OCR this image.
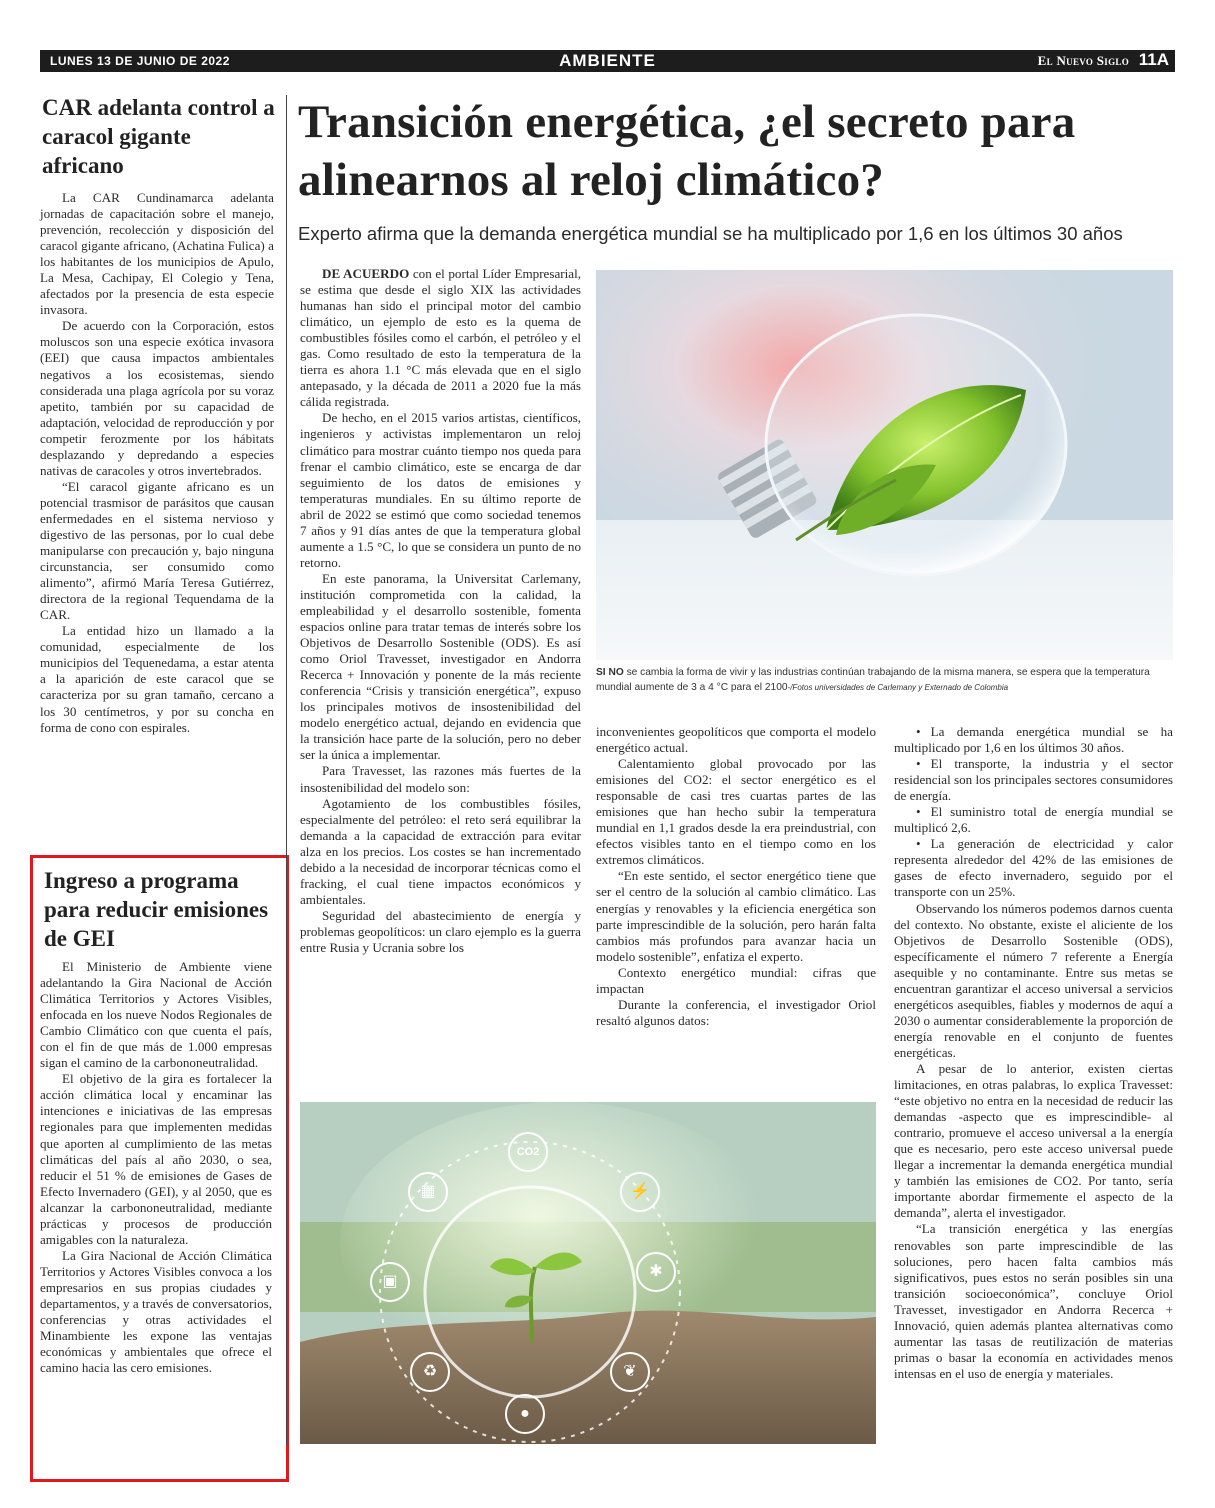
LUNES 13 DE JUNIO DE 2022	AMBIENTE	El Nuevo Siglo 11A
CAR adelanta control a caracol gigante africano

La CAR Cundinamarca adelanta jornadas de capacitación sobre el manejo, prevención, recolección y disposición del caracol gigante africano, (Achatina Fulica) a los habitantes de los municipios de Apulo, La Mesa, Cachipay, El Colegio y Tena, afectados por la presencia de esta especie invasora.

De acuerdo con la Corporación, estos moluscos son una especie exótica invasora (EEI) que causa impactos ambientales negativos a los ecosistemas, siendo considerada una plaga agrícola por su voraz apetito, también por su capacidad de adaptación, velocidad de reproducción y por competir ferozmente por los hábitats desplazando y depredando a especies nativas de caracoles y otros invertebrados.

“El caracol gigante africano es un potencial trasmisor de parásitos que causan enfermedades en el sistema nervioso y digestivo de las personas, por lo cual debe manipularse con precaución y, bajo ninguna circunstancia, ser consumido como alimento”, afirmó María Teresa Gutiérrez, directora de la regional Tequendama de la CAR.

La entidad hizo un llamado a la comunidad, especialmente de los municipios del Tequenedama, a estar atenta a la aparición de este caracol que se caracteriza por su gran tamaño, cercano a los 30 centímetros, y por su concha en forma de cono con espirales.

Ingreso a programa para reducir emisiones de GEI

El Ministerio de Ambiente viene adelantando la Gira Nacional de Acción Climática Territorios y Actores Visibles, enfocada en los nueve Nodos Regionales de Cambio Climático con que cuenta el país, con el fin de que más de 1.000 empresas sigan el camino de la carbononeutralidad.

El objetivo de la gira es fortalecer la acción climática local y encaminar las intenciones e iniciativas de las empresas regionales para que implementen medidas que aporten al cumplimiento de las metas climáticas del país al año 2030, o sea, reducir el 51 % de emisiones de Gases de Efecto Invernadero (GEI), y al 2050, que es alcanzar la carbononeutralidad, mediante prácticas y procesos de producción amigables con la naturaleza.

La Gira Nacional de Acción Climática Territorios y Actores Visibles convoca a los empresarios en sus propias ciudades y departamentos, y a través de conversatorios, conferencias y otras actividades el Minambiente les expone las ventajas económicas y ambientales que ofrece el camino hacia las cero emisiones.

Transición energética, ¿el secreto para alinearnos al reloj climático?
Experto afirma que la demanda energética mundial se ha multiplicado por 1,6 en los últimos 30 años

DE ACUERDO con el portal Líder Empresarial, se estima que desde el siglo XIX las actividades humanas han sido el principal motor del cambio climático, un ejemplo de esto es la quema de combustibles fósiles como el carbón, el petróleo y el gas. Como resultado de esto la temperatura de la tierra es ahora 1.1 °C más elevada que en el siglo antepasado, y la década de 2011 a 2020 fue la más cálida registrada.

De hecho, en el 2015 varios artistas, científicos, ingenieros y activistas implementaron un reloj climático para mostrar cuánto tiempo nos queda para frenar el cambio climático, este se encarga de dar seguimiento de los datos de emisiones y temperaturas mundiales. En su último reporte de abril de 2022 se estimó que como sociedad tenemos 7 años y 91 días antes de que la temperatura global aumente a 1.5 °C, lo que se considera un punto de no retorno.

En este panorama, la Universitat Carlemany, institución comprometida con la calidad, la empleabilidad y el desarrollo sostenible, fomenta espacios online para tratar temas de interés sobre los Objetivos de Desarrollo Sostenible (ODS). Es así como Oriol Travesset, investigador en Andorra Recerca + Innovación y ponente de la más reciente conferencia “Crisis y transición energética”, expuso los principales motivos de insostenibilidad del modelo energético actual, dejando en evidencia que la transición hace parte de la solución, pero no deber ser la única a implementar.

Para Travesset, las razones más fuertes de la insostenibilidad del modelo son:

Agotamiento de los combustibles fósiles, especialmente del petróleo: el reto será equilibrar la demanda a la capacidad de extracción para evitar alza en los precios. Los costes se han incrementado debido a la necesidad de incorporar técnicas como el fracking, el cual tiene impactos económicos y ambientales.

Seguridad del abastecimiento de energía y problemas geopolíticos: un claro ejemplo es la guerra entre Rusia y Ucrania sobre los

SI NO se cambia la forma de vivir y las industrias continúan trabajando de la misma manera, se espera que la temperatura mundial aumente de 3 a 4 °C para el 2100-/Fotos universidades de Carlemany y Externado de Colombia

inconvenientes geopolíticos que comporta el modelo energético actual.

Calentamiento global provocado por las emisiones del CO2: el sector energético es el responsable de casi tres cuartas partes de las emisiones que han hecho subir la temperatura mundial en 1,1 grados desde la era preindustrial, con efectos visibles tanto en el tiempo como en los extremos climáticos.

“En este sentido, el sector energético tiene que ser el centro de la solución al cambio climático. Las energías y renovables y la eficiencia energética son parte imprescindible de la solución, pero harán falta cambios más profundos para avanzar hacia un modelo sostenible”, enfatiza el experto.

Contexto energético mundial: cifras que impactan

Durante la conferencia, el investigador Oriol resaltó algunos datos:

• La demanda energética mundial se ha multiplicado por 1,6 en los últimos 30 años.

• El transporte, la industria y el sector residencial son los principales sectores consumidores de energía.

• El suministro total de energía mundial se multiplicó 2,6.

• La generación de electricidad y calor representa alrededor del 42% de las emisiones de gases de efecto invernadero, seguido por el transporte con un 25%.

Observando los números podemos darnos cuenta del contexto. No obstante, existe el aliciente de los Objetivos de Desarrollo Sostenible (ODS), específicamente el número 7 referente a Energía asequible y no contaminante. Entre sus metas se encuentran garantizar el acceso universal a servicios energéticos asequibles, fiables y modernos de aquí a 2030 o aumentar considerablemente la proporción de energía renovable en el conjunto de fuentes energéticas.

A pesar de lo anterior, existen ciertas limitaciones, en otras palabras, lo explica Travesset: “este objetivo no entra en la necesidad de reducir las demandas -aspecto que es imprescindible- al contrario, promueve el acceso universal a la energía que es necesario, pero este acceso universal puede llegar a incrementar la demanda energética mundial y también las emisiones de CO2. Por tanto, sería importante abordar firmemente el aspecto de la demanda”, alerta el investigador.

“La transición energética y las energías renovables son parte imprescindible de las soluciones, pero hacen falta cambios más significativos, pues estos no serán posibles sin una transición socioeconómica”, concluye Oriol Travesset, investigador en Andorra Recerca + Innovació, quien además plantea alternativas como aumentar las tasas de reutilización de materias primas o basar la economía en actividades menos intensas en el uso de energía y materiales.

CO2
▦	⚡
✱
▣
♻
●
❦
